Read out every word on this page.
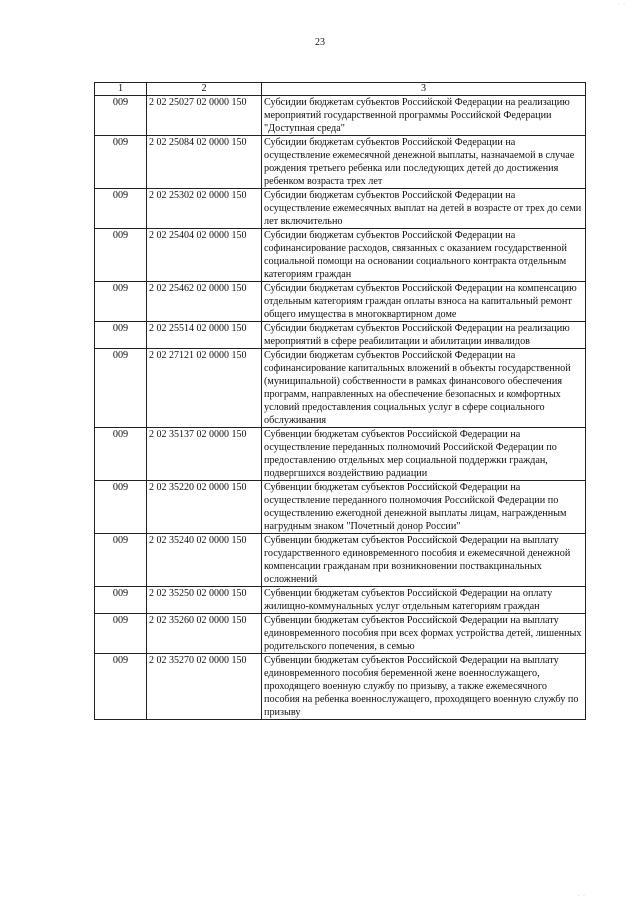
· ·
23
1	2	3
009	2 02 25027 02 0000 150	Субсидии бюджетам субъектов Российской Федерации на реализацию мероприятий государственной программы Российской Федерации "Доступная среда"
009	2 02 25084 02 0000 150	Субсидии бюджетам субъектов Российской Федерации на осуществление ежемесячной денежной выплаты, назначаемой в случае рождения третьего ребенка или последующих детей до достижения ребенком возраста трех лет
009	2 02 25302 02 0000 150	Субсидии бюджетам субъектов Российской Федерации на осуществление ежемесячных выплат на детей в возрасте от трех до семи лет включительно
009	2 02 25404 02 0000 150	Субсидии бюджетам субъектов Российской Федерации на софинансирование расходов, связанных с оказанием государственной социальной помощи на основании социального контракта отдельным категориям граждан
009	2 02 25462 02 0000 150	Субсидии бюджетам субъектов Российской Федерации на компенсацию отдельным категориям граждан оплаты взноса на капитальный ремонт общего имущества в многоквартирном доме
009	2 02 25514 02 0000 150	Субсидии бюджетам субъектов Российской Федерации на реализацию мероприятий в сфере реабилитации и абилитации инвалидов
009	2 02 27121 02 0000 150	Субсидии бюджетам субъектов Российской Федерации на софинансирование капитальных вложений в объекты государственной (муниципальной) собственности в рамках финансового обеспечения программ, направленных на обеспечение безопасных и комфортных условий предоставления социальных услуг в сфере социального обслуживания
009	2 02 35137 02 0000 150	Субвенции бюджетам субъектов Российской Федерации на осуществление переданных полномочий Российской Федерации по предоставлению отдельных мер социальной поддержки граждан, подвергшихся воздействию радиации
009	2 02 35220 02 0000 150	Субвенции бюджетам субъектов Российской Федерации на осуществление переданного полномочия Российской Федерации по осуществлению ежегодной денежной выплаты лицам, награжденным нагрудным знаком "Почетный донор России"
009	2 02 35240 02 0000 150	Субвенции бюджетам субъектов Российской Федерации на выплату государственного единовременного пособия и ежемесячной денежной компенсации гражданам при возникновении поствакцинальных осложнений
009	2 02 35250 02 0000 150	Субвенции бюджетам субъектов Российской Федерации на оплату жилищно-коммунальных услуг отдельным категориям граждан
009	2 02 35260 02 0000 150	Субвенции бюджетам субъектов Российской Федерации на выплату единовременного пособия при всех формах устройства детей, лишенных родительского попечения, в семью
009	2 02 35270 02 0000 150	Субвенции бюджетам субъектов Российской Федерации на выплату единовременного пособия беременной жене военнослужащего, проходящего военную службу по призыву, а также ежемесячного пособия на ребенка военнослужащего, проходящего военную службу по призыву
· ·
